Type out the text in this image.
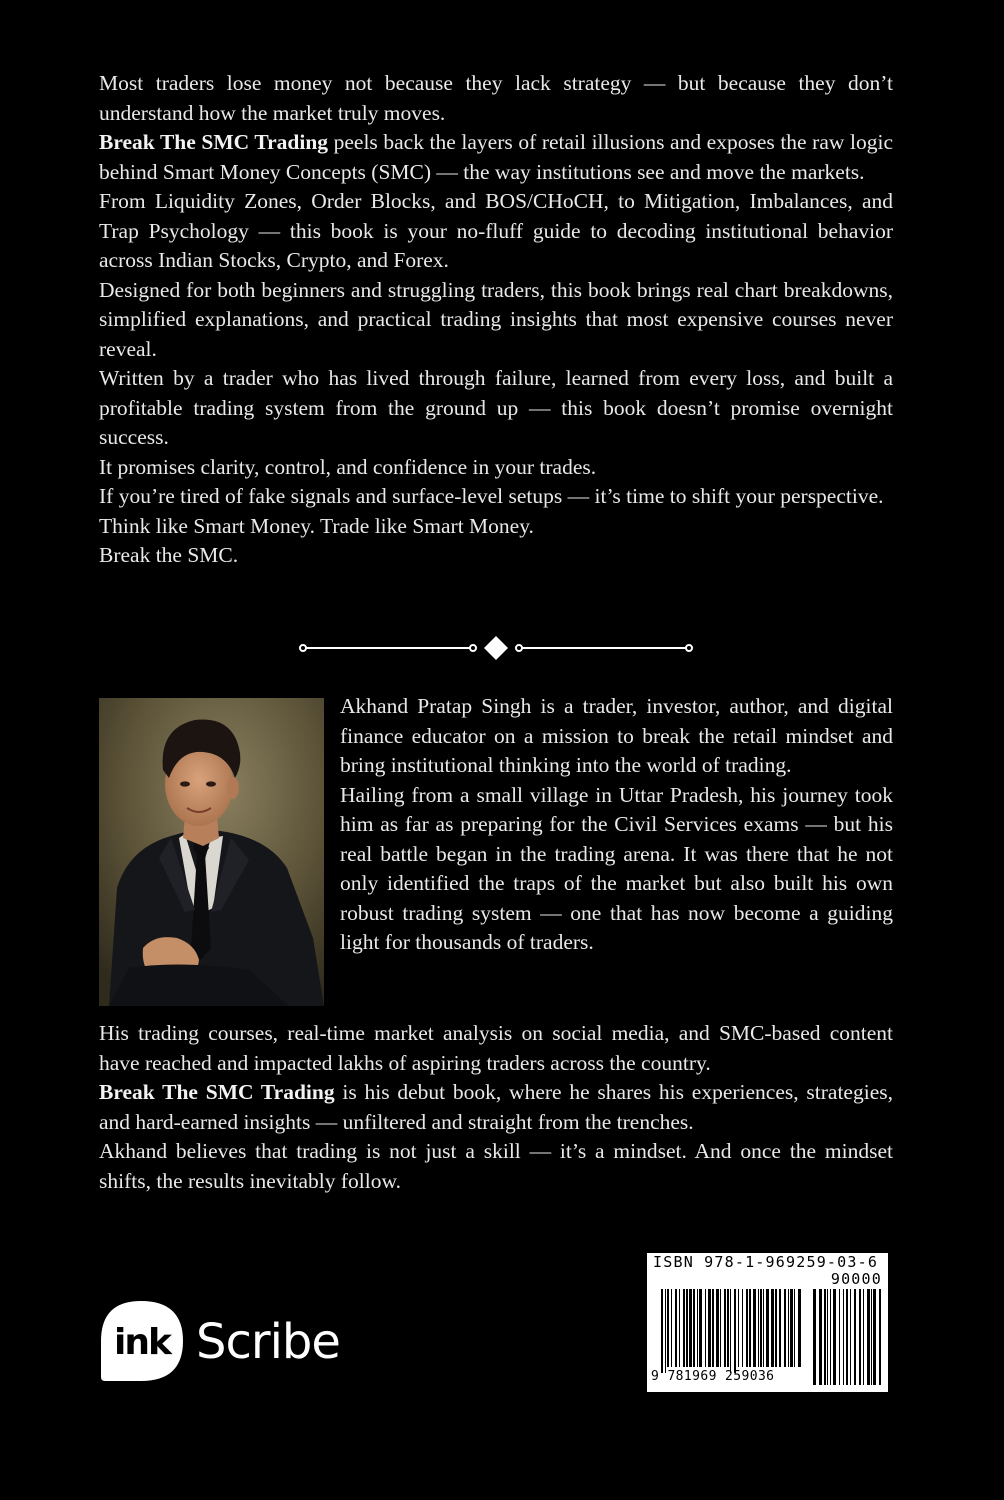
Most traders lose money not because they lack strategy — but because they don’t understand how the market truly moves.

Break The SMC Trading peels back the layers of retail illusions and exposes the raw logic behind Smart Money Concepts (SMC) — the way institutions see and move the markets.

From Liquidity Zones, Order Blocks, and BOS/CHoCH, to Mitigation, Imbalances, and Trap Psychology — this book is your no-fluff guide to decoding institutional behavior across Indian Stocks, Crypto, and Forex.

Designed for both beginners and struggling traders, this book brings real chart breakdowns, simplified explanations, and practical trading insights that most expensive courses never reveal.

Written by a trader who has lived through failure, learned from every loss, and built a profitable trading system from the ground up — this book doesn’t promise overnight success.

It promises clarity, control, and confidence in your trades.

If you’re tired of fake signals and surface-level setups — it’s time to shift your perspective.

Think like Smart Money. Trade like Smart Money.

Break the SMC.

Akhand Pratap Singh is a trader, investor, author, and digital finance educator on a mission to break the retail mindset and bring institutional thinking into the world of trading.

Hailing from a small village in Uttar Pradesh, his journey took him as far as preparing for the Civil Services exams — but his real battle began in the trading arena. It was there that he not only identified the traps of the market but also built his own robust trading system — one that has now become a guiding light for thousands of traders.

His trading courses, real-time market analysis on social media, and SMC-based content have reached and impacted lakhs of aspiring traders across the country.

Break The SMC Trading is his debut book, where he shares his experiences, strategies, and hard-earned insights — unfiltered and straight from the trenches.

Akhand believes that trading is not just a skill — it’s a mindset. And once the mindset shifts, the results inevitably follow.

ink Scribe
ISBN 978-1-969259-03-6
90000
9 781969 259036
